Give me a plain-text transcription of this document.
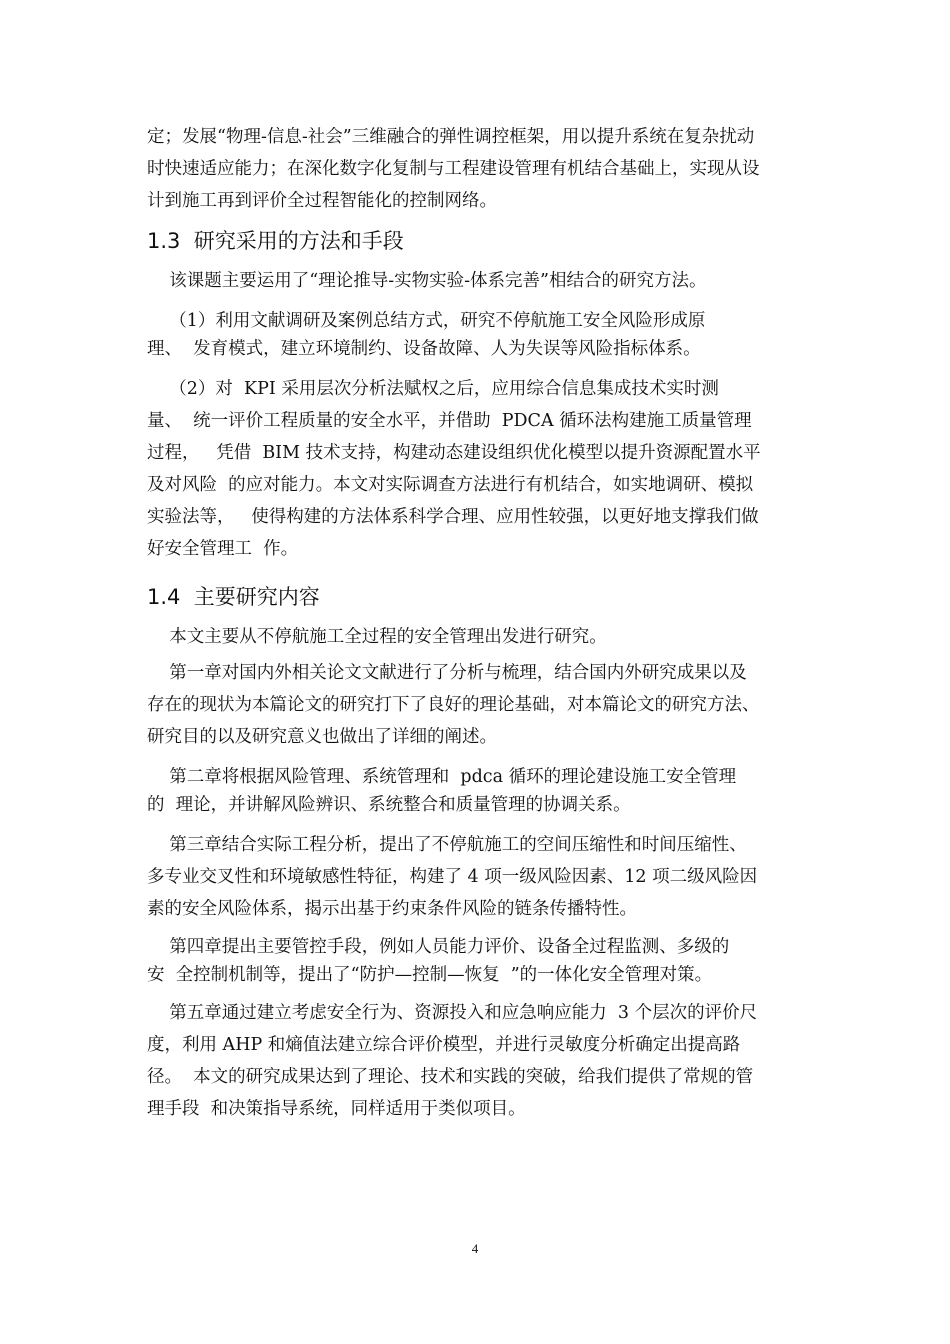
定；发展“物理-信息-社会”三维融合的弹性调控框架，用以提升系统在复杂扰动
时快速适应能力；在深化数字化复制与工程建设管理有机结合基础上，实现从设
计到施工再到评价全过程智能化的控制网络。
1.3  研究采用的方法和手段
该课题主要运用了“理论推导-实物实验-体系完善”相结合的研究方法。
（1）利用文献调研及案例总结方式，研究不停航施工安全风险形成原
理、  发育模式，建立环境制约、设备故障、人为失误等风险指标体系。
（2）对  KPI 采用层次分析法赋权之后，应用综合信息集成技术实时测
量、  统一评价工程质量的安全水平，并借助  PDCA 循环法构建施工质量管理
过程，   凭借  BIM 技术支持，构建动态建设组织优化模型以提升资源配置水平
及对风险  的应对能力。本文对实际调查方法进行有机结合，如实地调研、模拟
实验法等，   使得构建的方法体系科学合理、应用性较强，以更好地支撑我们做
好安全管理工  作。
1.4  主要研究内容
本文主要从不停航施工全过程的安全管理出发进行研究。
第一章对国内外相关论文文献进行了分析与梳理，结合国内外研究成果以及
存在的现状为本篇论文的研究打下了良好的理论基础，对本篇论文的研究方法、
研究目的以及研究意义也做出了详细的阐述。
第二章将根据风险管理、系统管理和  pdca 循环的理论建设施工安全管理
的  理论，并讲解风险辨识、系统整合和质量管理的协调关系。
第三章结合实际工程分析，提出了不停航施工的空间压缩性和时间压缩性、
多专业交叉性和环境敏感性特征，构建了 4 项一级风险因素、12 项二级风险因
素的安全风险体系，揭示出基于约束条件风险的链条传播特性。
第四章提出主要管控手段，例如人员能力评价、设备全过程监测、多级的
安  全控制机制等，提出了“防护—控制—恢复  ”的一体化安全管理对策。
第五章通过建立考虑安全行为、资源投入和应急响应能力  3 个层次的评价尺
度，利用 AHP 和熵值法建立综合评价模型，并进行灵敏度分析确定出提高路
径。  本文的研究成果达到了理论、技术和实践的突破，给我们提供了常规的管
理手段  和决策指导系统，同样适用于类似项目。
4
